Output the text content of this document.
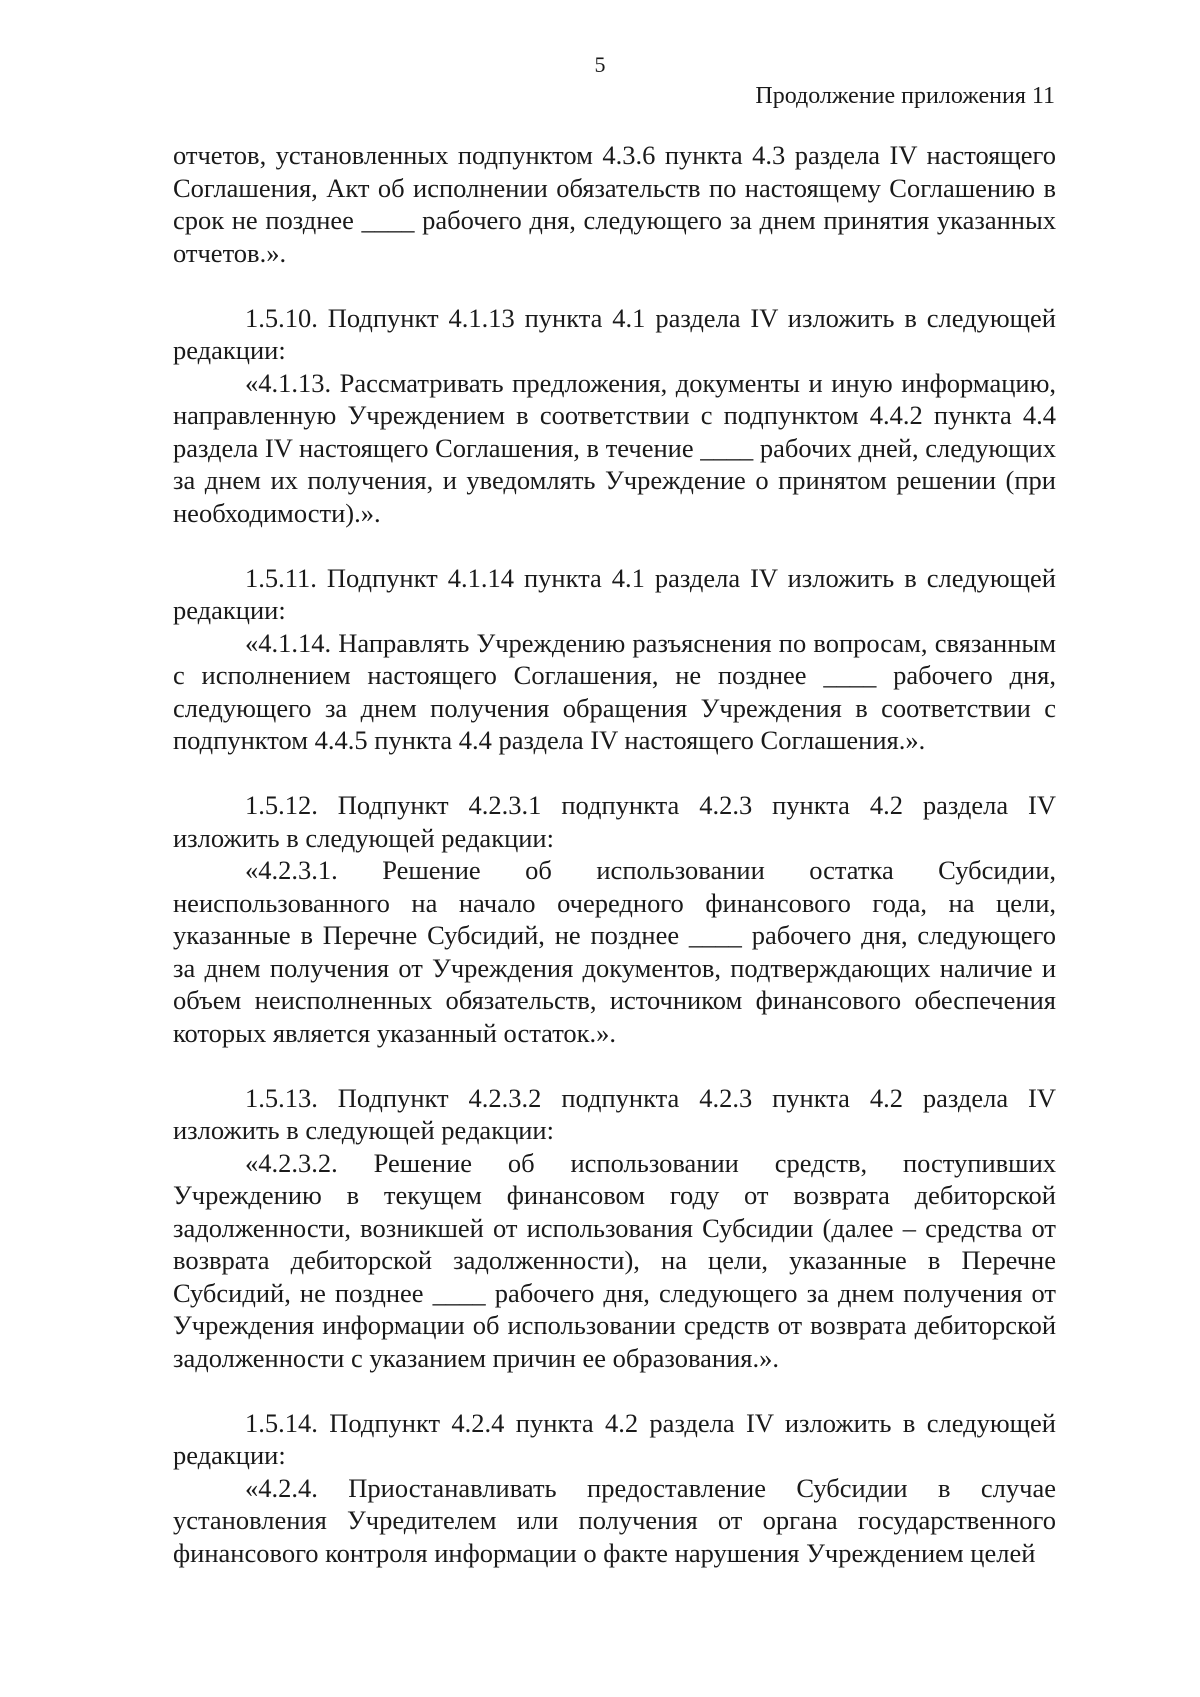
5
Продолжение приложения 11

отчетов, установленных подпунктом 4.3.6 пункта 4.3 раздела IV настоящего Соглашения, Акт об исполнении обязательств по настоящему Соглашению в срок не позднее ____ рабочего дня, следующего за днем принятия указанных отчетов.».

1.5.10. Подпункт 4.1.13 пункта 4.1 раздела IV изложить в следующей редакции:

«4.1.13. Рассматривать предложения, документы и иную информацию, направленную Учреждением в соответствии с подпунктом 4.4.2 пункта 4.4 раздела IV настоящего Соглашения, в течение ____ рабочих дней, следующих за днем их получения, и уведомлять Учреждение о принятом решении (при необходимости).».

1.5.11. Подпункт 4.1.14 пункта 4.1 раздела IV изложить в следующей редакции:

«4.1.14. Направлять Учреждению разъяснения по вопросам, связанным с исполнением настоящего Соглашения, не позднее ____ рабочего дня, следующего за днем получения обращения Учреждения в соответствии с подпунктом 4.4.5 пункта 4.4 раздела IV настоящего Соглашения.».

1.5.12. Подпункт 4.2.3.1 подпункта 4.2.3 пункта 4.2 раздела IV изложить в следующей редакции:

«4.2.3.1. Решение об использовании остатка Субсидии, неиспользованного на начало очередного финансового года, на цели, указанные в Перечне Субсидий, не позднее ____ рабочего дня, следующего за днем получения от Учреждения документов, подтверждающих наличие и объем неисполненных обязательств, источником финансового обеспечения которых является указанный остаток.».

1.5.13. Подпункт 4.2.3.2 подпункта 4.2.3 пункта 4.2 раздела IV изложить в следующей редакции:

«4.2.3.2. Решение об использовании средств, поступивших Учреждению в текущем финансовом году от возврата дебиторской задолженности, возникшей от использования Субсидии (далее – средства от возврата дебиторской задолженности), на цели, указанные в Перечне Субсидий, не позднее ____ рабочего дня, следующего за днем получения от Учреждения информации об использовании средств от возврата дебиторской задолженности с указанием причин ее образования.».

1.5.14. Подпункт 4.2.4 пункта 4.2 раздела IV изложить в следующей редакции:

«4.2.4. Приостанавливать предоставление Субсидии в случае установления Учредителем или получения от органа государственного финансового контроля информации о факте нарушения Учреждением целей
